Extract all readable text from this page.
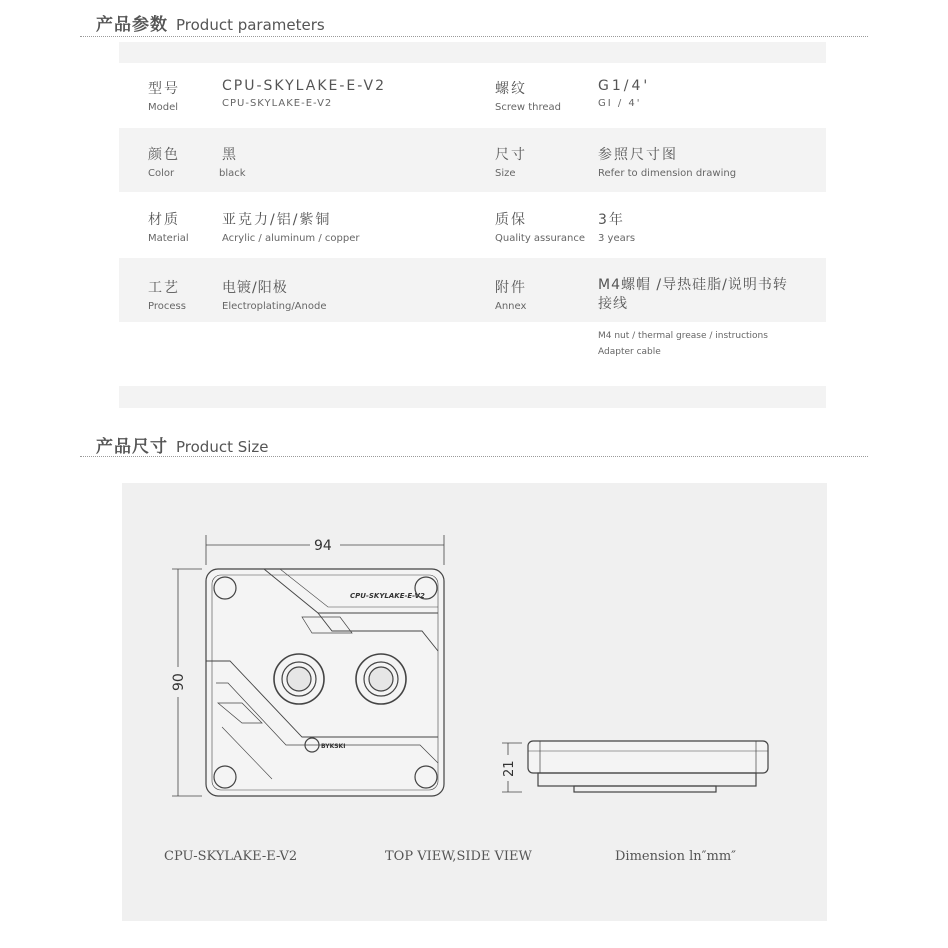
产品参数 Product parameters
型号
Model
CPU-SKYLAKE-E-V2
CPU-SKYLAKE-E-V2
螺纹
Screw thread
G1/4'
GI / 4'
颜色
Color
黑
black
尺寸
Size
参照尺寸图
Refer to dimension drawing
材质
Material
亚克力/铝/紫铜
Acrylic / aluminum / copper
质保
Quality assurance
3年
3 years
工艺
Process
电镀/阳极
Electroplating/Anode
附件
Annex
M4螺帽 /导热硅脂/说明书转接线
M4 nut / thermal grease / instructions
Adapter cable
产品尺寸 Product Size
CPU-SKYLAKE-E-V2
BYKSKI
94
90
21
CPU-SKYLAKE-E-V2	TOP VIEW,SIDE VIEW	Dimension ln″mm″
